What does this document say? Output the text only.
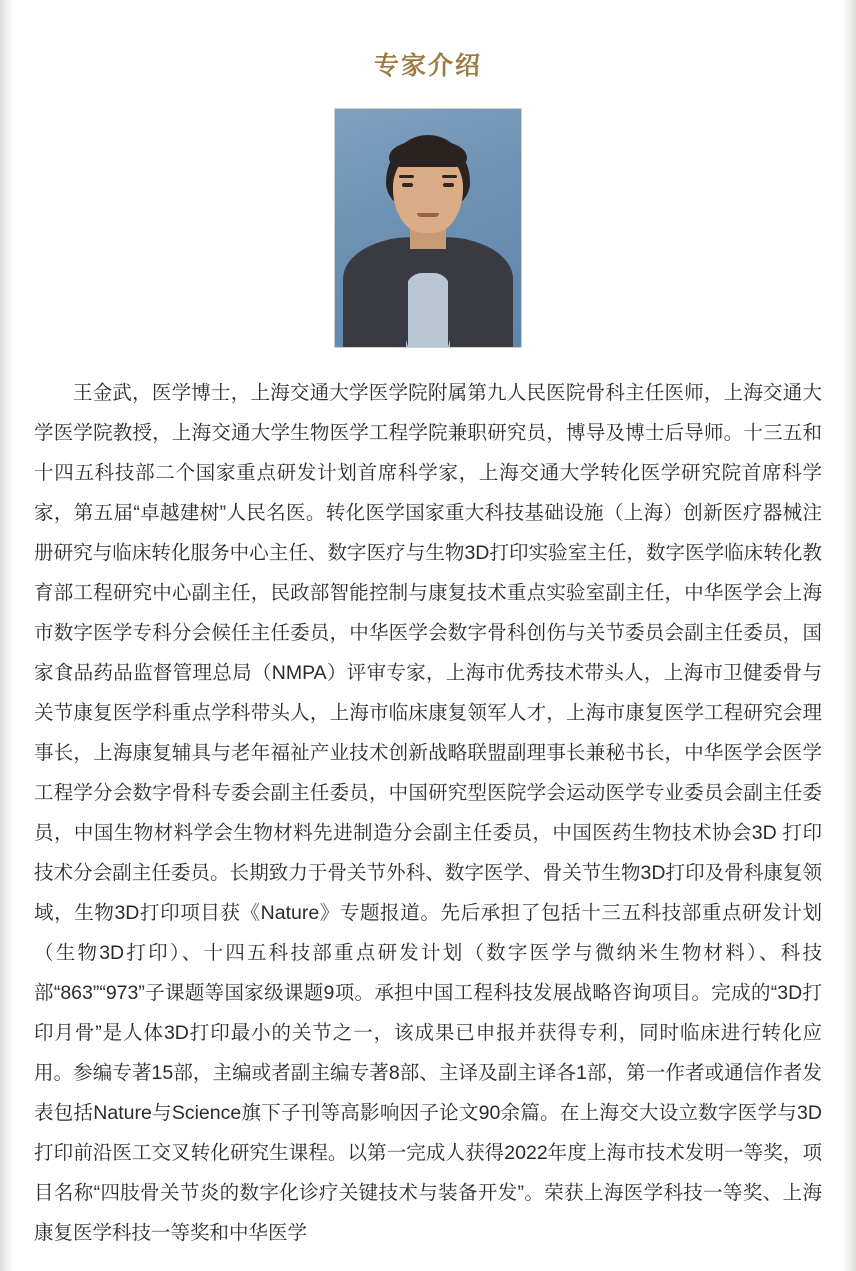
专家介绍

王金武，医学博士，上海交通大学医学院附属第九人民医院骨科主任医师，上海交通大学医学院教授，上海交通大学生物医学工程学院兼职研究员，博导及博士后导师。十三五和十四五科技部二个国家重点研发计划首席科学家，上海交通大学转化医学研究院首席科学家，第五届“卓越建树”人民名医。转化医学国家重大科技基础设施（上海）创新医疗器械注册研究与临床转化服务中心主任、数字医疗与生物3D打印实验室主任，数字医学临床转化教育部工程研究中心副主任，民政部智能控制与康复技术重点实验室副主任，中华医学会上海市数字医学专科分会候任主任委员，中华医学会数字骨科创伤与关节委员会副主任委员，国家食品药品监督管理总局（NMPA）评审专家，上海市优秀技术带头人，上海市卫健委骨与关节康复医学科重点学科带头人，上海市临床康复领军人才，上海市康复医学工程研究会理事长，上海康复辅具与老年福祉产业技术创新战略联盟副理事长兼秘书长，中华医学会医学工程学分会数字骨科专委会副主任委员，中国研究型医院学会运动医学专业委员会副主任委员，中国生物材料学会生物材料先进制造分会副主任委员，中国医药生物技术协会3D 打印技术分会副主任委员。长期致力于骨关节外科、数字医学、骨关节生物3D打印及骨科康复领域，生物3D打印项目获《Nature》专题报道。先后承担了包括十三五科技部重点研发计划（生物3D打印）、十四五科技部重点研发计划（数字医学与微纳米生物材料）、科技部“863”“973”子课题等国家级课题9项。承担中国工程科技发展战略咨询项目。完成的“3D打印月骨”是人体3D打印最小的关节之一，该成果已申报并获得专利，同时临床进行转化应用。参编专著15部，主编或者副主编专著8部、主译及副主译各1部，第一作者或通信作者发表包括Nature与Science旗下子刊等高影响因子论文90余篇。在上海交大设立数字医学与3D打印前沿医工交叉转化研究生课程。以第一完成人获得2022年度上海市技术发明一等奖，项目名称“四肢骨关节炎的数字化诊疗关键技术与装备开发”。荣获上海医学科技一等奖、上海康复医学科技一等奖和中华医学
